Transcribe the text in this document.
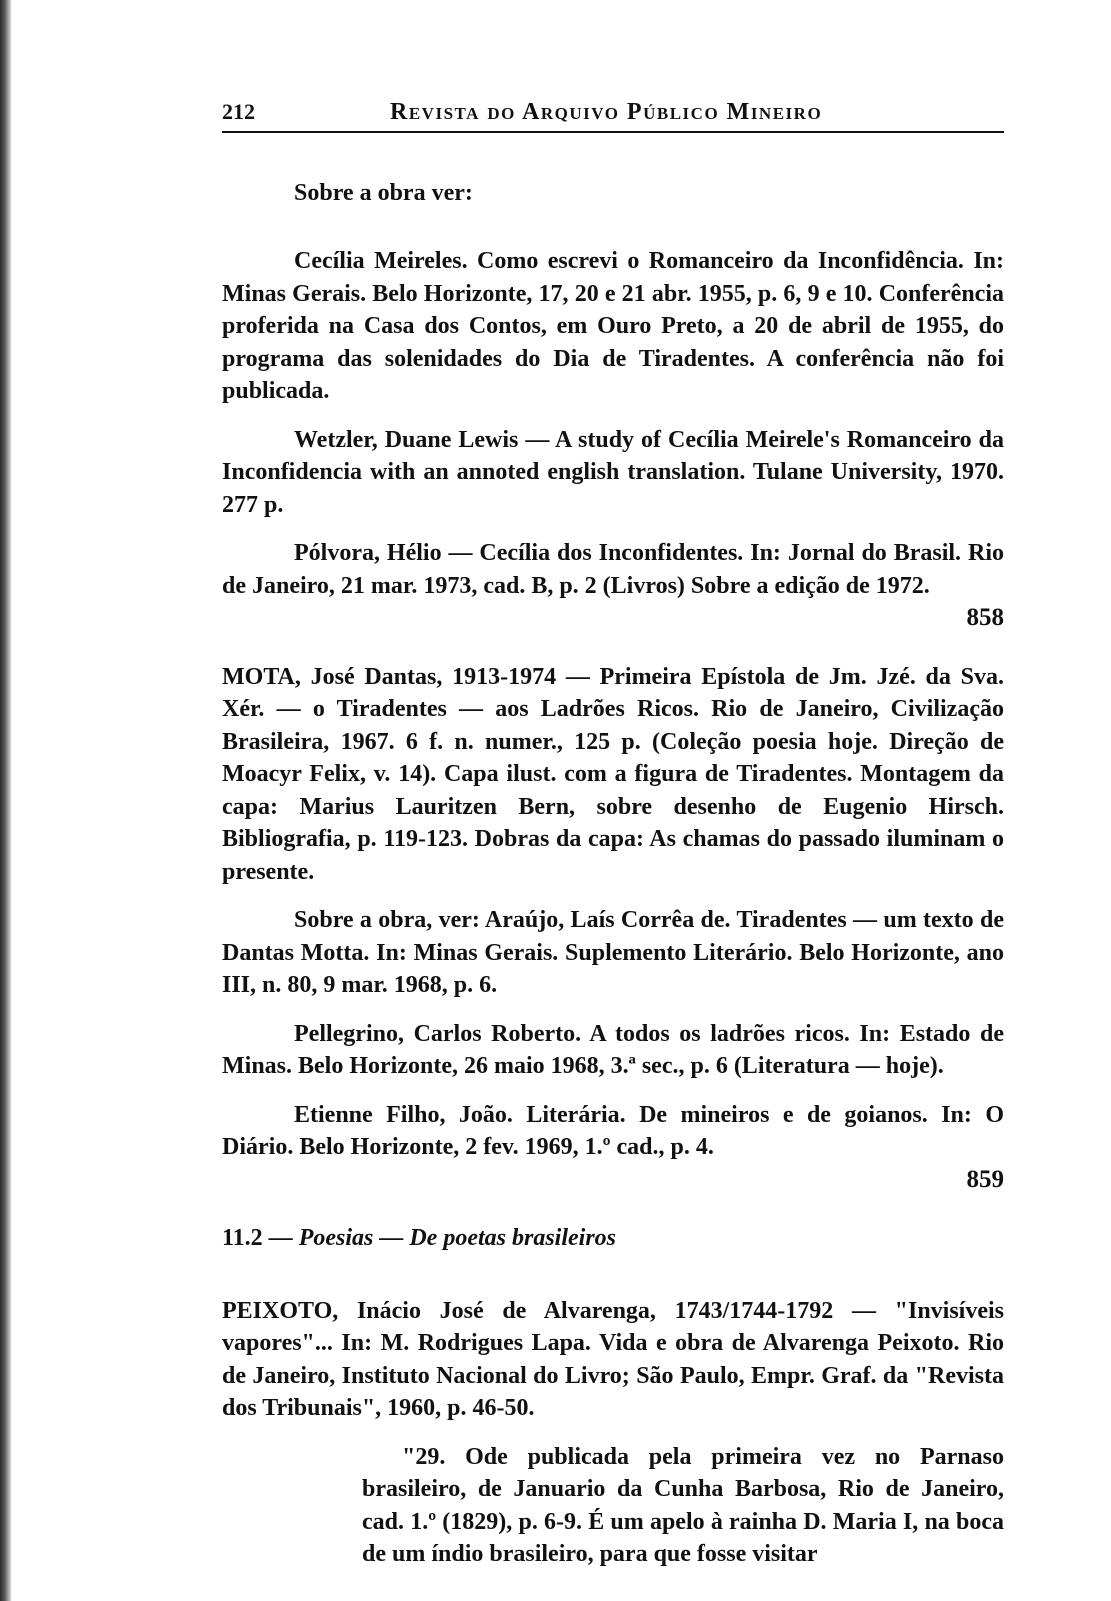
212	Revista do Arquivo Público Mineiro

Sobre a obra ver:

Cecília Meireles. Como escrevi o Romanceiro da Inconfidência. In: Minas Gerais. Belo Horizonte, 17, 20 e 21 abr. 1955, p. 6, 9 e 10. Conferência proferida na Casa dos Contos, em Ouro Preto, a 20 de abril de 1955, do programa das solenidades do Dia de Tiradentes. A conferência não foi publicada.

Wetzler, Duane Lewis — A study of Cecília Meirele's Romanceiro da Inconfidencia with an annoted english translation. Tulane University, 1970. 277 p.

Pólvora, Hélio — Cecília dos Inconfidentes. In: Jornal do Brasil. Rio de Janeiro, 21 mar. 1973, cad. B, p. 2 (Livros) Sobre a edição de 1972.

858

MOTA, José Dantas, 1913-1974 — Primeira Epístola de Jm. Jzé. da Sva. Xér. — o Tiradentes — aos Ladrões Ricos. Rio de Janeiro, Civilização Brasileira, 1967. 6 f. n. numer., 125 p. (Coleção poesia hoje. Direção de Moacyr Felix, v. 14). Capa ilust. com a figura de Tiradentes. Montagem da capa: Marius Lauritzen Bern, sobre desenho de Eugenio Hirsch. Bibliografia, p. 119-123. Dobras da capa: As chamas do passado iluminam o presente.

Sobre a obra, ver: Araújo, Laís Corrêa de. Tiradentes — um texto de Dantas Motta. In: Minas Gerais. Suplemento Literário. Belo Horizonte, ano III, n. 80, 9 mar. 1968, p. 6.

Pellegrino, Carlos Roberto. A todos os ladrões ricos. In: Estado de Minas. Belo Horizonte, 26 maio 1968, 3.ª sec., p. 6 (Literatura — hoje).

Etienne Filho, João. Literária. De mineiros e de goianos. In: O Diário. Belo Horizonte, 2 fev. 1969, 1.º cad., p. 4.

859

11.2 — Poesias — De poetas brasileiros

PEIXOTO, Inácio José de Alvarenga, 1743/1744-1792 — "Invisíveis vapores"... In: M. Rodrigues Lapa. Vida e obra de Alvarenga Peixoto. Rio de Janeiro, Instituto Nacional do Livro; São Paulo, Empr. Graf. da "Revista dos Tribunais", 1960, p. 46-50.

"29. Ode publicada pela primeira vez no Parnaso brasileiro, de Januario da Cunha Barbosa, Rio de Janeiro, cad. 1.º (1829), p. 6-9. É um apelo à rainha D. Maria I, na boca de um índio brasileiro, para que fosse visitar
